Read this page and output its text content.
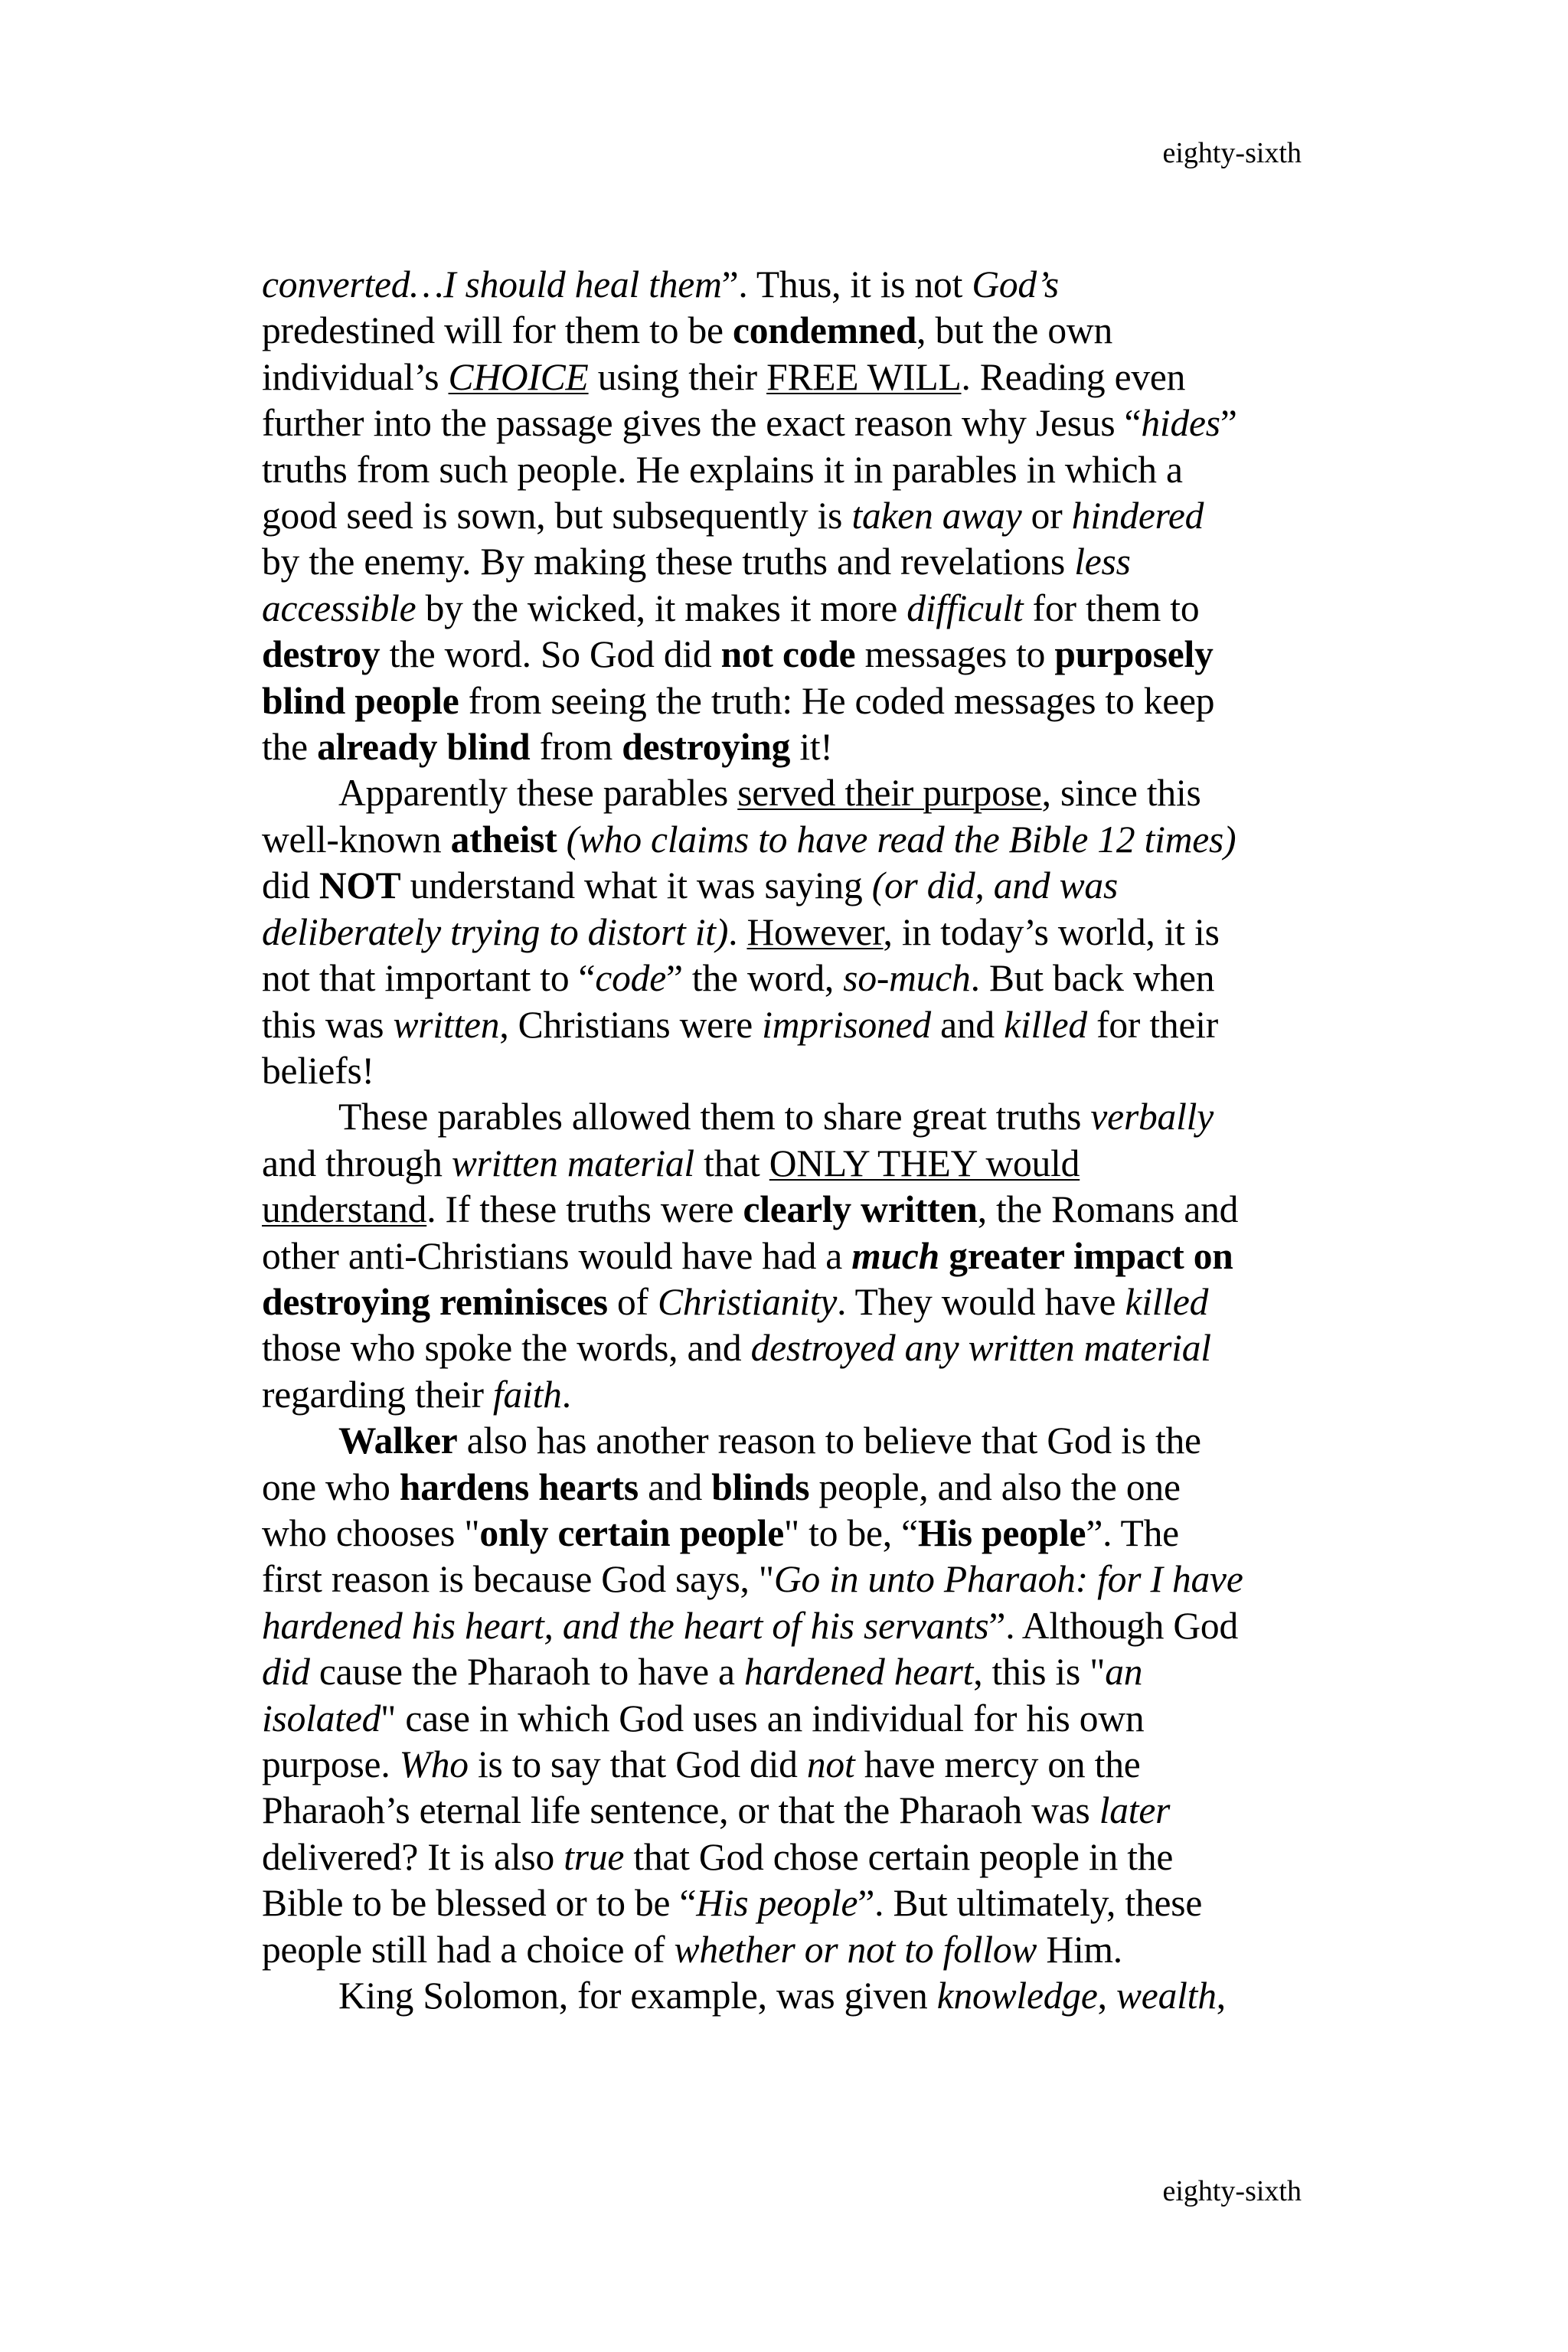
eighty-sixth

converted…I should heal them”. Thus, it is not God’spredestined will for them to be condemned, but the ownindividual’s CHOICE using their FREE WILL. Reading evenfurther into the passage gives the exact reason why Jesus “hides”truths from such people. He explains it in parables in which agood seed is sown, but subsequently is taken away or hinderedby the enemy. By making these truths and revelations lessaccessible by the wicked, it makes it more difficult for them todestroy the word. So God did not code messages to purposelyblind people from seeing the truth: He coded messages to keepthe already blind from destroying it!

Apparently these parables served their purpose, since thiswell-known atheist (who claims to have read the Bible 12 times)did NOT understand what it was saying (or did, and wasdeliberately trying to distort it). However, in today’s world, it isnot that important to “code” the word, so-much. But back whenthis was written, Christians were imprisoned and killed for theirbeliefs!

These parables allowed them to share great truths verballyand through written material that ONLY THEY would understand. If these truths were clearly written, the Romans andother anti-Christians would have had a much greater impact ondestroying reminisces of Christianity. They would have killedthose who spoke the words, and destroyed any written materialregarding their faith.

Walker also has another reason to believe that God is theone who hardens hearts and blinds people, and also the onewho chooses "only certain people" to be, “His people”. Thefirst reason is because God says, "Go in unto Pharaoh: for I havehardened his heart, and the heart of his servants”. Although Goddid cause the Pharaoh to have a hardened heart, this is "anisolated" case in which God uses an individual for his ownpurpose. Who is to say that God did not have mercy on thePharaoh’s eternal life sentence, or that the Pharaoh was laterdelivered? It is also true that God chose certain people in theBible to be blessed or to be “His people”. But ultimately, thesepeople still had a choice of whether or not to follow Him.

King Solomon, for example, was given knowledge, wealth,

eighty-sixth
